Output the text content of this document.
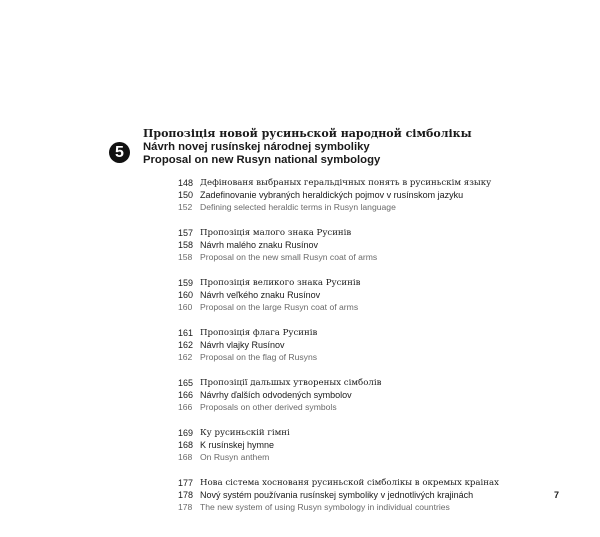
5
Пропозіція новой русиньской народной сімболікы
Návrh novej rusínskej národnej symboliky
Proposal on new Rusyn national symbology
148 Дефінованя выбраных геральдічных понять в русиньскім языку
150 Zadefinovanie vybraných heraldických pojmov v rusínskom jazyku
152 Defining selected heraldic terms in Rusyn language
157 Пропозіція малого знака Русинів
158 Návrh malého znaku Rusínov
158 Proposal on the new small Rusyn coat of arms
159 Пропозіція великого знака Русинів
160 Návrh veľkého znaku Rusínov
160 Proposal on the large Rusyn coat of arms
161 Пропозіція флага Русинів
162 Návrh vlajky Rusínov
162 Proposal on the flag of Rusyns
165 Пропозіції дальшых утвореных сімболів
166 Návrhy ďalších odvodených symbolov
166 Proposals on other derived symbols
169 Ку русиньскій гімні
168 K rusínskej hymne
168 On Rusyn anthem
177 Нова сістема хоснованя русиньской сімболікы в окремых краінах
178 Nový systém používania rusínskej symboliky v jednotlivých krajinách
178 The new system of using Rusyn symbology in individual countries
7
